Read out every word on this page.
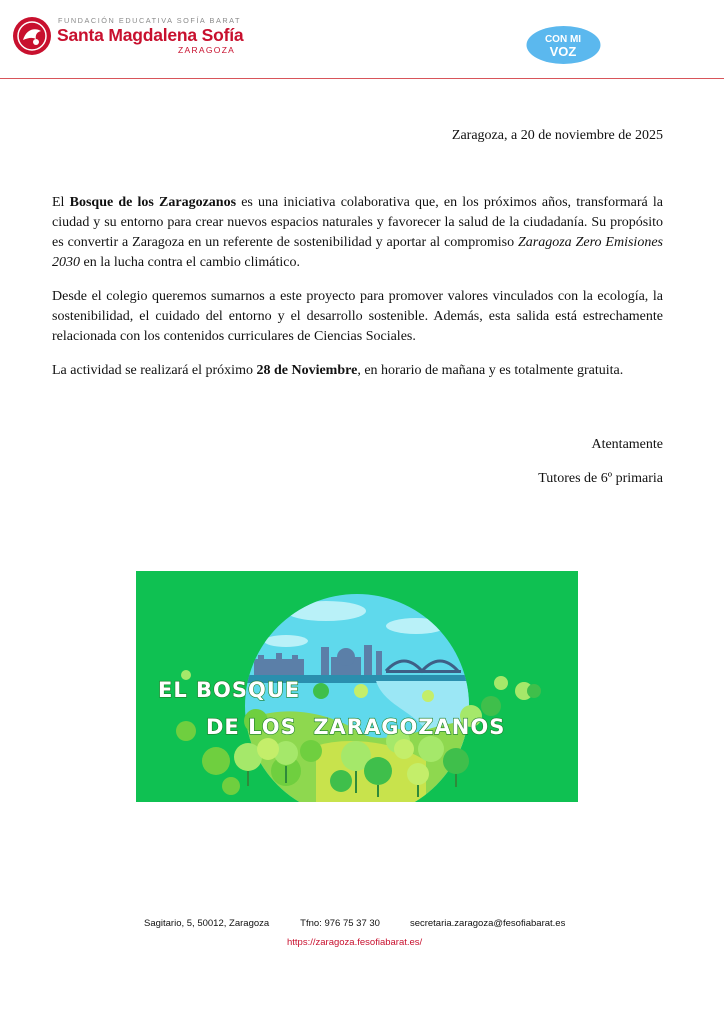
FUNDACIÓN EDUCATIVA SOFÍA BARAT
Santa Magdalena Sofía
ZARAGOZA
CON MI
VOZ
Zaragoza, a 20 de noviembre de 2025

El Bosque de los Zaragozanos es una iniciativa colaborativa que, en los próximos años, transformará la ciudad y su entorno para crear nuevos espacios naturales y favorecer la salud de la ciudadanía. Su propósito es convertir a Zaragoza en un referente de sostenibilidad y aportar al compromiso Zaragoza Zero Emisiones 2030 en la lucha contra el cambio climático.

Desde el colegio queremos sumarnos a este proyecto para promover valores vinculados con la ecología, la sostenibilidad, el cuidado del entorno y el desarrollo sostenible. Además, esta salida está estrechamente relacionada con los contenidos curriculares de Ciencias Sociales.

La actividad se realizará el próximo 28 de Noviembre, en horario de mañana y es totalmente gratuita.

Atentamente
Tutores de 6º primaria
EL BOSQUE
DE LOS  ZARAGOZANOS
Sagitario, 5, 50012, Zaragoza	Tfno: 976 75 37 30	secretaria.zaragoza@fesofiabarat.es
https://zaragoza.fesofiabarat.es/
